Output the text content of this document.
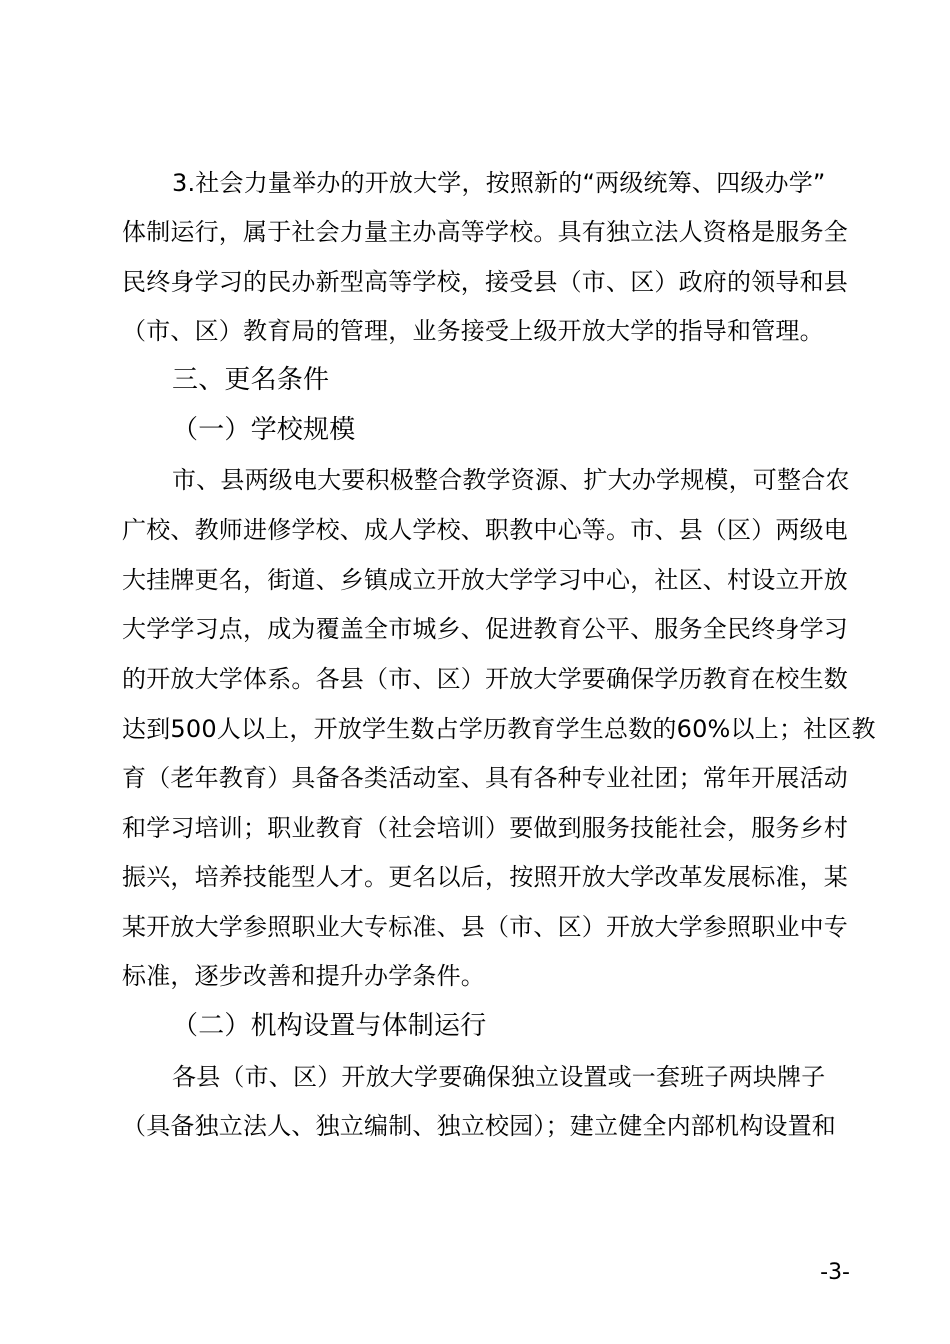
3.社会力量举办的开放大学，按照新的“两级统筹、四级办学”
体制运行，属于社会力量主办高等学校。具有独立法人资格是服务全
民终身学习的民办新型高等学校，接受县（市、区）政府的领导和县
（市、区）教育局的管理，业务接受上级开放大学的指导和管理。
三、更名条件
（一）学校规模
市、县两级电大要积极整合教学资源、扩大办学规模，可整合农
广校、教师进修学校、成人学校、职教中心等。市、县（区）两级电
大挂牌更名，街道、乡镇成立开放大学学习中心，社区、村设立开放
大学学习点，成为覆盖全市城乡、促进教育公平、服务全民终身学习
的开放大学体系。各县（市、区）开放大学要确保学历教育在校生数
达到500人以上，开放学生数占学历教育学生总数的60%以上；社区教
育（老年教育）具备各类活动室、具有各种专业社团；常年开展活动
和学习培训；职业教育（社会培训）要做到服务技能社会，服务乡村
振兴，培养技能型人才。更名以后，按照开放大学改革发展标准，某
某开放大学参照职业大专标准、县（市、区）开放大学参照职业中专
标准，逐步改善和提升办学条件。
（二）机构设置与体制运行
各县（市、区）开放大学要确保独立设置或一套班子两块牌子
（具备独立法人、独立编制、独立校园）；建立健全内部机构设置和
-3-
